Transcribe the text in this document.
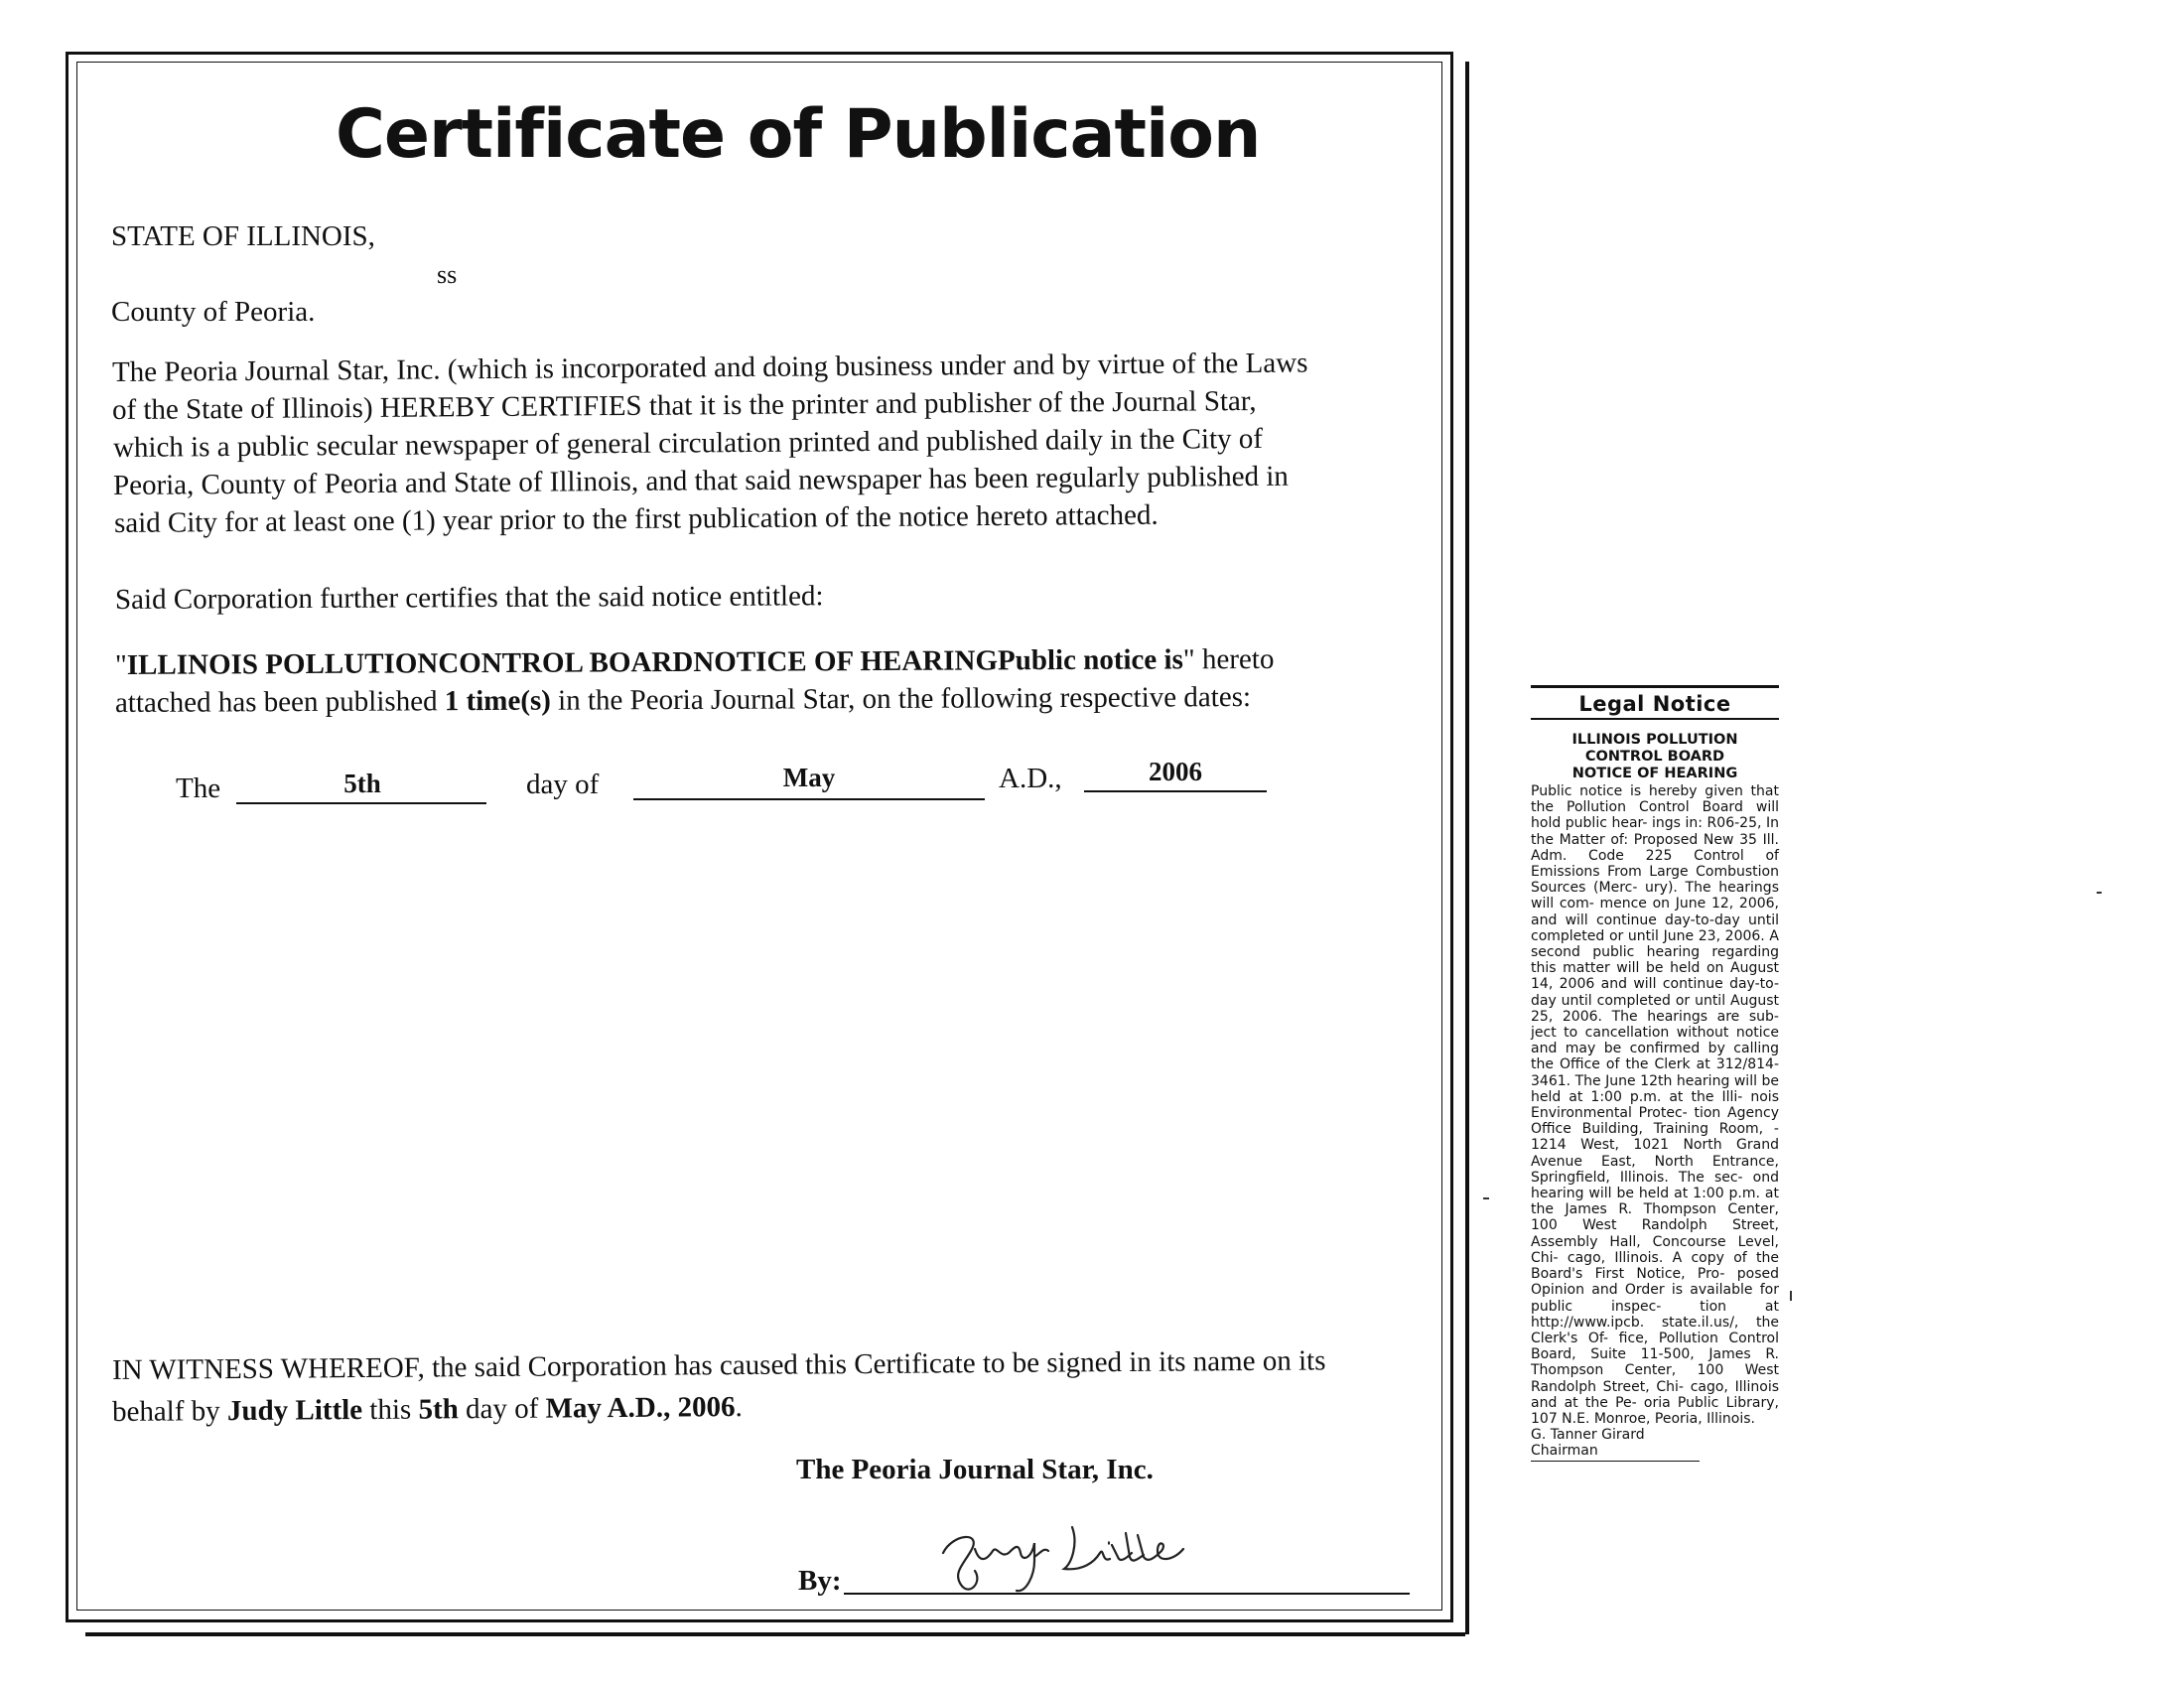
Certificate of Publication
STATE OF ILLINOIS,
ss
County of Peoria.
The Peoria Journal Star, Inc. (which is incorporated and doing business under and by virtue of the Laws
of the State of Illinois) HEREBY CERTIFIES that it is the printer and publisher of the Journal Star,
which is a public secular newspaper of general circulation printed and published daily in the City of
Peoria, County of Peoria and State of Illinois, and that said newspaper has been regularly published in
said City for at least one (1) year prior to the first publication of the notice hereto attached.
Said Corporation further certifies that the said notice entitled:
"ILLINOIS POLLUTIONCONTROL BOARDNOTICE OF HEARINGPublic notice is" hereto
attached has been published 1 time(s) in the Peoria Journal Star, on the following respective dates:
The	5th	day of	May	A.D.,	2006
IN WITNESS WHEREOF, the said Corporation has caused this Certificate to be signed in its name on its
behalf by Judy Little this 5th day of May A.D., 2006.
The Peoria Journal Star, Inc.
By:
Legal Notice
ILLINOIS POLLUTION
CONTROL BOARD
NOTICE OF HEARING
Public notice is hereby given that the Pollution Control Board will hold public hear- ings in: R06-25, In the Matter of: Proposed New 35 Ill. Adm. Code 225 Control of Emissions From Large Combustion Sources (Merc- ury). The hearings will com- mence on June 12, 2006, and will continue day-to-day until completed or until June 23, 2006. A second public hearing regarding this matter will be held on August 14, 2006 and will continue day-to-day until completed or until August 25, 2006. The hearings are sub- ject to cancellation without notice and may be confirmed by calling the Office of the Clerk at 312/814-3461. The June 12th hearing will be held at 1:00 p.m. at the Illi- nois Environmental Protec- tion Agency Office Building, Training Room, - 1214 West, 1021 North Grand Avenue East, North Entrance, Springfield, Illinois. The sec- ond hearing will be held at 1:00 p.m. at the James R. Thompson Center, 100 West Randolph Street, Assembly Hall, Concourse Level, Chi- cago, Illinois. A copy of the Board's First Notice, Pro- posed Opinion and Order is available for public inspec- tion at http://www.ipcb. state.il.us/, the Clerk's Of- fice, Pollution Control Board, Suite 11-500, James R. Thompson Center, 100 West Randolph Street, Chi- cago, Illinois and at the Pe- oria Public Library, 107 N.E. Monroe, Peoria, Illinois.
G. Tanner Girard
Chairman
